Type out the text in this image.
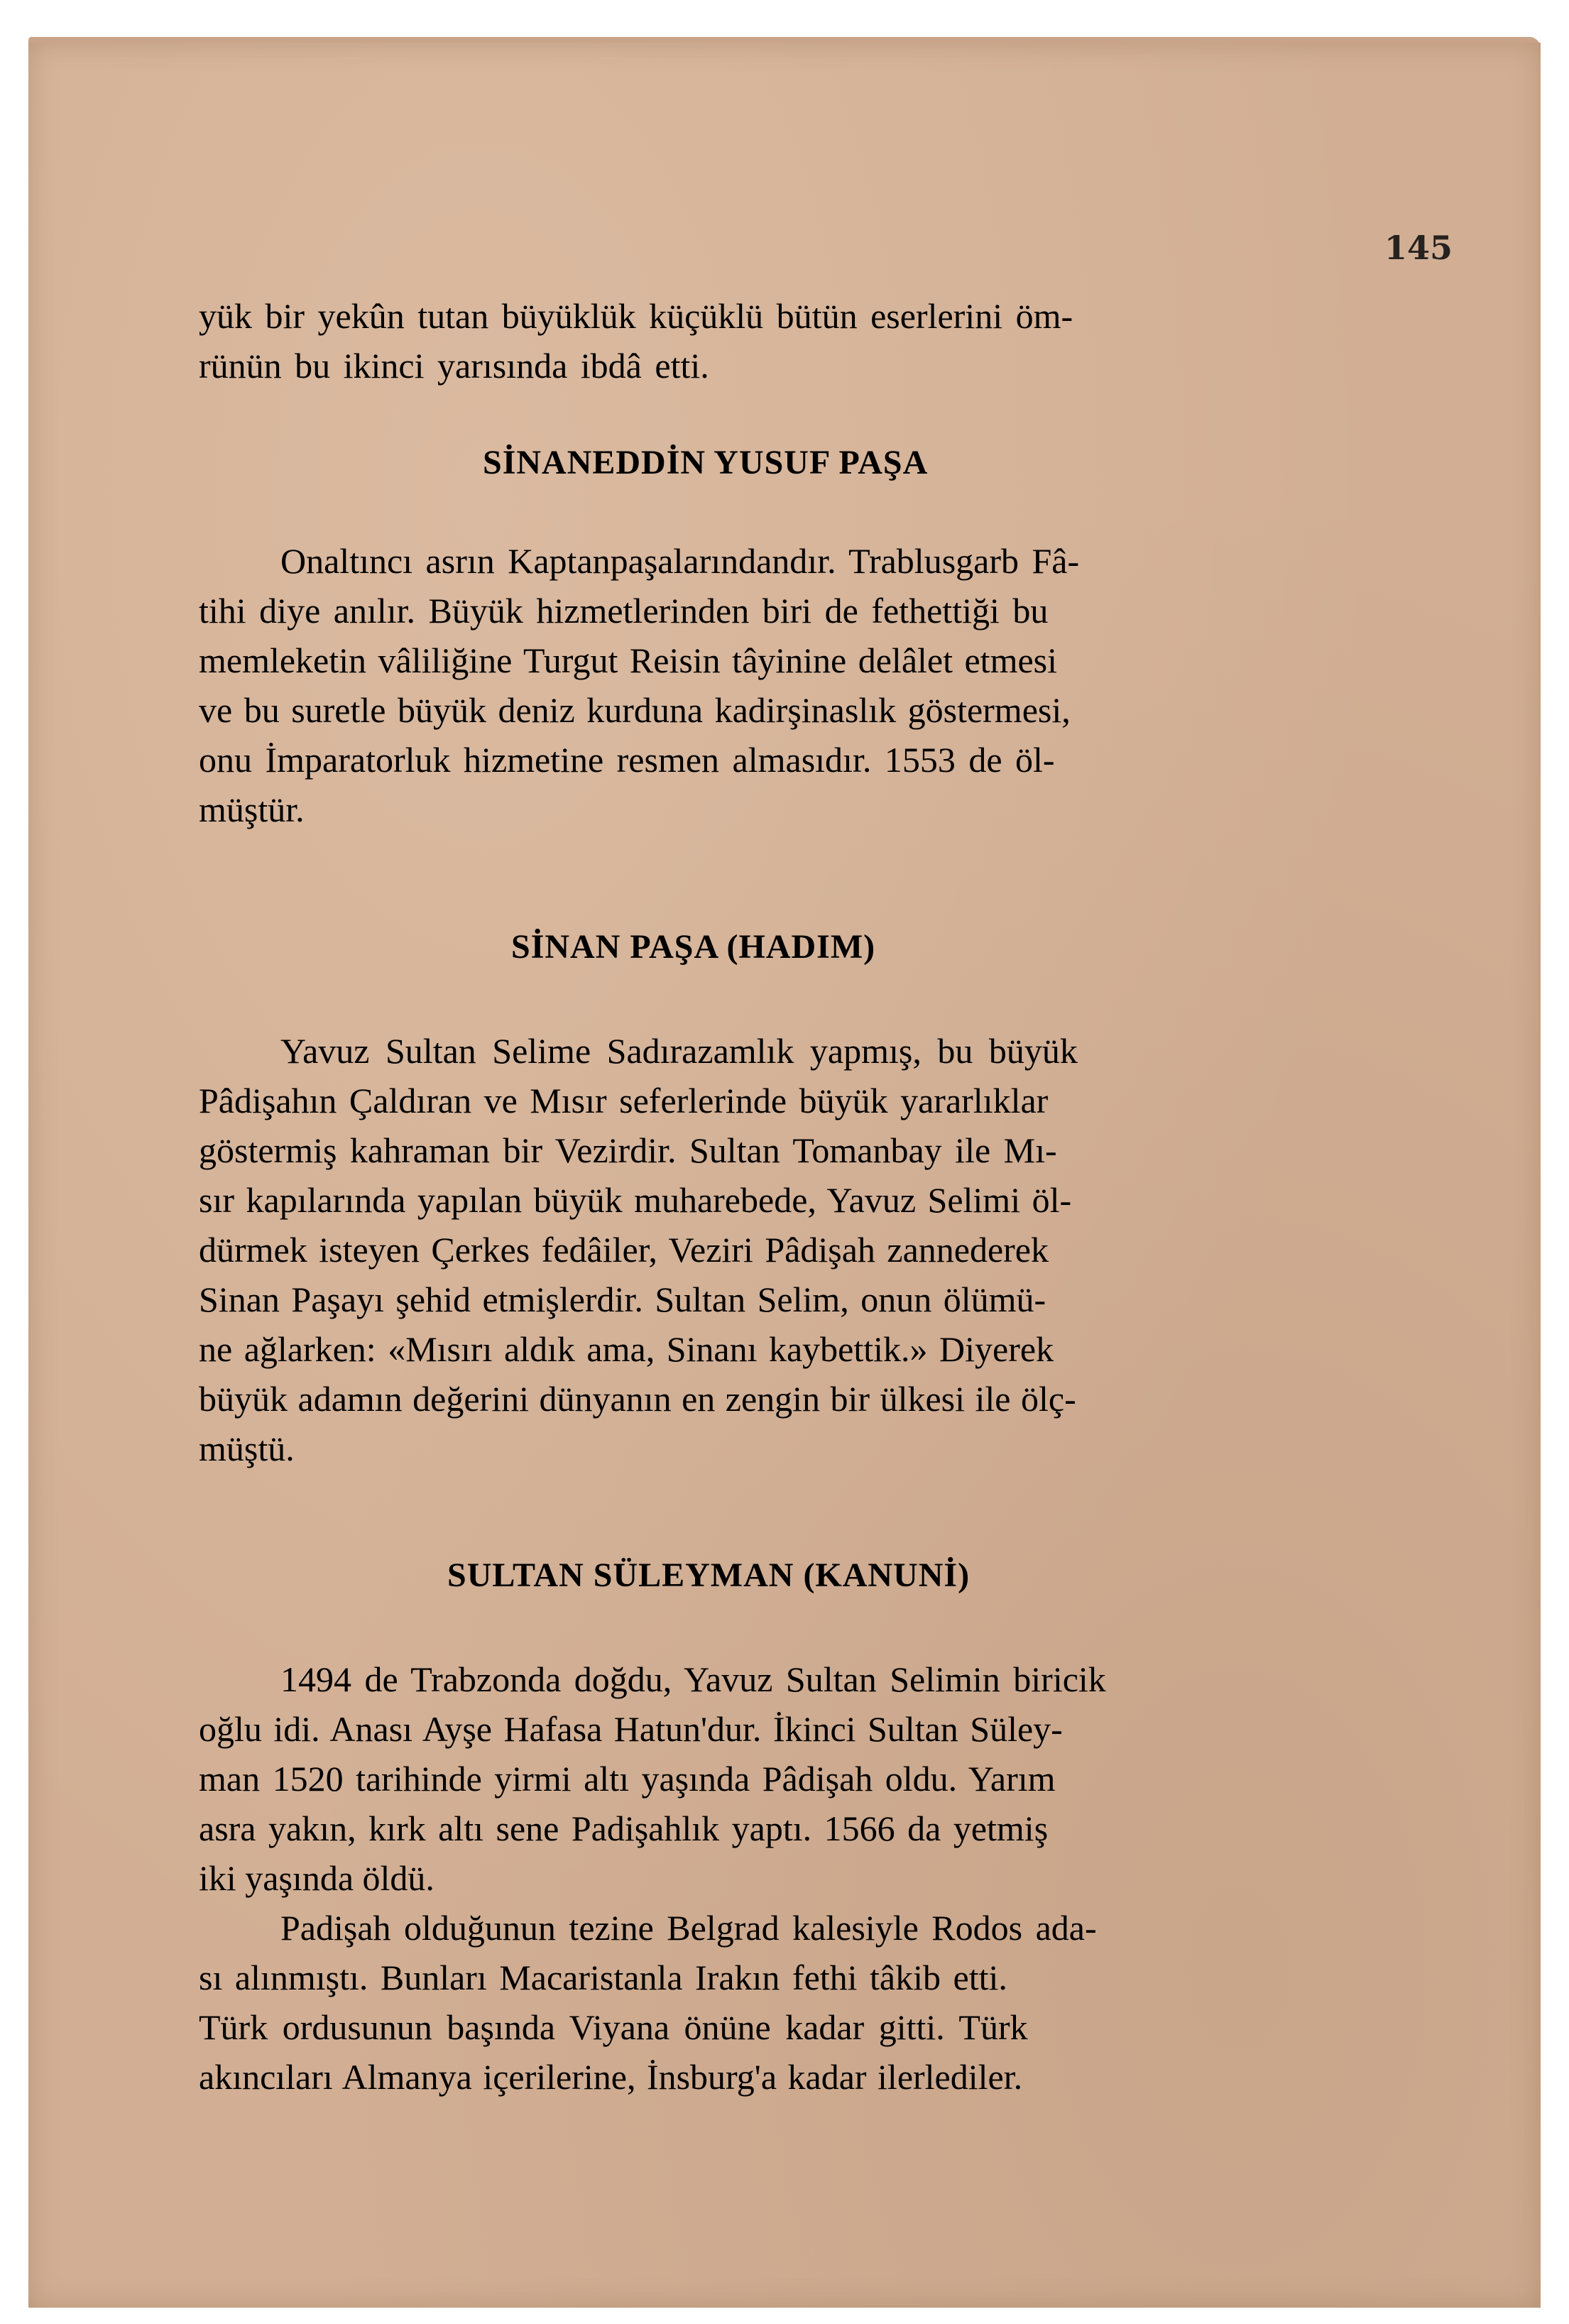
145
yük bir yekûn tutan büyüklük küçüklü bütün eserlerini öm-
rünün bu ikinci yarısında ibdâ etti.
SİNANEDDİN YUSUF PAŞA
Onaltıncı asrın Kaptanpaşalarındandır. Trablusgarb Fâ-
tihi diye anılır. Büyük hizmetlerinden biri de fethettiği bu
memleketin vâliliğine Turgut Reisin tâyinine delâlet etmesi
ve bu suretle büyük deniz kurduna kadirşinaslık göstermesi,
onu İmparatorluk hizmetine resmen almasıdır. 1553 de öl-
müştür.
SİNAN PAŞA (HADIM)
Yavuz Sultan Selime Sadırazamlık yapmış, bu büyük
Pâdişahın Çaldıran ve Mısır seferlerinde büyük yararlıklar
göstermiş kahraman bir Vezirdir. Sultan Tomanbay ile Mı-
sır kapılarında yapılan büyük muharebede, Yavuz Selimi öl-
dürmek isteyen Çerkes fedâiler, Veziri Pâdişah zannederek
Sinan Paşayı şehid etmişlerdir. Sultan Selim, onun ölümü-
ne ağlarken: «Mısırı aldık ama, Sinanı kaybettik.» Diyerek
büyük adamın değerini dünyanın en zengin bir ülkesi ile ölç-
müştü.
SULTAN SÜLEYMAN (KANUNİ)
1494 de Trabzonda doğdu, Yavuz Sultan Selimin biricik
oğlu idi. Anası Ayşe Hafasa Hatun'dur. İkinci Sultan Süley-
man 1520 tarihinde yirmi altı yaşında Pâdişah oldu. Yarım
asra yakın, kırk altı sene Padişahlık yaptı. 1566 da yetmiş
iki yaşında öldü.
Padişah olduğunun tezine Belgrad kalesiyle Rodos ada-
sı alınmıştı. Bunları Macaristanla Irakın fethi tâkib etti.
Türk ordusunun başında Viyana önüne kadar gitti. Türk
akıncıları Almanya içerilerine, İnsburg'a kadar ilerlediler.
